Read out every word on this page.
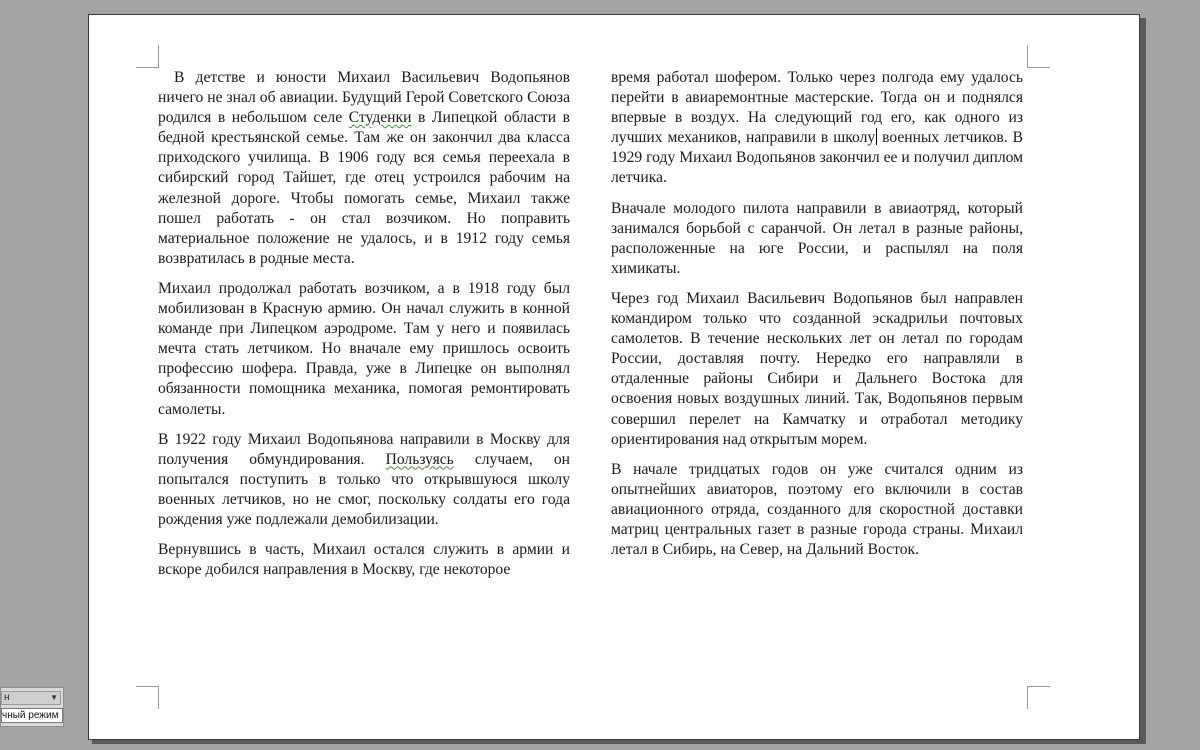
В детстве и юности Михаил Васильевич Водопьянов ничего не знал об авиации. Будущий Герой Советского Союза родился в небольшом селе Студенки в Липецкой области в бедной крестьянской семье. Там же он закончил два класса приходского училища. В 1906 году вся семья переехала в сибирский город Тайшет, где отец устроился рабочим на железной дороге. Чтобы помогать семье, Михаил также пошел работать - он стал возчиком. Но поправить материальное положение не удалось, и в 1912 году семья возвратилась в родные места.

Михаил продолжал работать возчиком, а в 1918 году был мобилизован в Красную армию. Он начал служить в конной команде при Липецком аэродроме. Там у него и появилась мечта стать летчиком. Но вначале ему пришлось освоить профессию шофера. Правда, уже в Липецке он выполнял обязанности помощника механика, помогая ремонтировать самолеты.

В 1922 году Михаил Водопьянова направили в Москву для получения обмундирования. Пользуясь случаем, он попытался поступить в только что открывшуюся школу военных летчиков, но не смог, поскольку солдаты его года рождения уже подлежали демобилизации.

Вернувшись в часть, Михаил остался служить в армии и вскоре добился направления в Москву, где некоторое

время работал шофером. Только через полгода ему удалось перейти в авиаремонтные мастерские. Тогда он и поднялся впервые в воздух. На следующий год его, как одного из лучших механиков, направили в школу военных летчиков. В 1929 году Михаил Водопьянов закончил ее и получил диплом летчика.

Вначале молодого пилота направили в авиаотряд, который занимался борьбой с саранчой. Он летал в разные районы, расположенные на юге России, и распылял на поля химикаты.

Через год Михаил Васильевич Водопьянов был направлен командиром только что созданной эскадрильи почтовых самолетов. В течение нескольких лет он летал по городам России, доставляя почту. Нередко его направляли в отдаленные районы Сибири и Дальнего Востока для освоения новых воздушных линий. Так, Водопьянов первым совершил перелет на Камчатку и отработал методику ориентирования над открытым морем.

В начале тридцатых годов он уже считался одним из опытнейших авиаторов, поэтому его включили в состав авиационного отряда, созданного для скоростной доставки матриц центральных газет в разные города страны. Михаил летал в Сибирь, на Север, на Дальний Восток.

н	▼
чный режим
